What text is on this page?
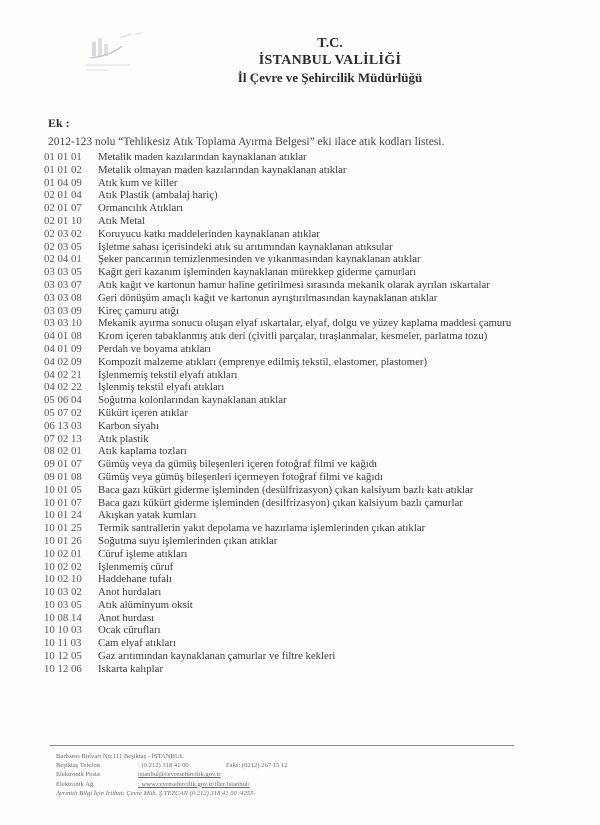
T.C.
İSTANBUL VALİLİĞİ
İl Çevre ve Şehircilik Müdürlüğü
Ek :
2012-123 nolu “Tehlikesiz Atık Toplama Ayırma Belgesi” eki ilace atık kodları listesi.
01 01 01 Metalik maden kazılarından kaynaklanan atıklar
01 01 02 Metalik olmayan maden kazılarından kaynaklanan atıklar
01 04 09 Atık kum ve killer
02 01 04 Atık Plastik (ambalaj hariç)
02 01 07 Ormancılık Atıkları
02 01 10 Atık Metal
02 03 02 Koruyucu katkı maddelerinden kaynaklanan atıklar
02 03 05 İşletme sahası içerisindeki atık su arıtımından kaynaklanan atıksular
02 04 01 Şeker pancarının temizlenmesinden ve yıkanmasından kaynaklanan atıklar
03 03 05 Kağıt geri kazanım işleminden kaynaklanan mürekkep giderme çamurları
03 03 07 Atık kağıt ve kartonun hamur haline getirilmesi sırasında mekanik olarak ayrılan ıskartalar
03 03 08 Geri dönüşüm amaçlı kağıt ve kartonun ayrıştırılmasından kaynaklanan atıklar
03 03 09 Kireç çamuru atığı
03 03 10 Mekanik ayırma sonucu oluşan elyaf ıskartalar, elyaf, dolgu ve yüzey kaplama maddesi çamuru
04 01 08 Krom içeren tabaklanmış atık deri (çivitli parçalar, tıraşlanmalar, kesmeler, parlatma tozu)
04 01 09 Perdah ve boyama atıkları
04 02 09 Kompozit malzeme atıkları (emprenye edilmiş tekstil, elastomer, plastomer)
04 02 21 İşlenmemiş tekstil elyafı atıkları
04 02 22 İşlenmiş tekstil elyafı atıkları
05 06 04 Soğutma kolonlarından kaynaklanan atıklar
05 07 02 Kükürt içeren atıklar
06 13 03 Karbon siyahı
07 02 13 Atık plastik
08 02 01 Atık kaplama tozları
09 01 07 Gümüş veya da gümüş bileşenleri içeren fotoğraf filmi ve kağıdı
09 01 08 Gümüş veya gümüş bileşenleri içermeyen fotoğraf filmi ve kağıdı
10 01 05 Baca gazı kükürt giderme işleminden (desülfrizasyon) çıkan kalsiyum bazlı katı atıklar
10 01 07 Baca gazı kükürt giderme işleminden (desilfrizasyon) çıkan kalsiyum bazlı çamurlar
10 01 24 Akışkan yatak kumları
10 01 25 Termik santrallerin yakıt depolama ve hazırlama işlemlerinden çıkan atıklar
10 01 26 Soğutma suyu işlemlerinden çıkan atıklar
10 02 01 Cüruf işleme atıkları
10 02 02 İşlenmemiş cüruf
10 02 10 Haddehane tufalı
10 03 02 Anot hurdaları
10 03 05 Atık alüminyum oksit
10 08 14 Anot hurdası
10 10 03 Ocak cürufları
10 11 03 Cam elyaf atıkları
10 12 05 Gaz arıtımından kaynaklanan çamurlar ve filtre kekleri
10 12 06 Iskarta kalıplar
Barbaros Bulvarı No:111 Beşiktaş - İSTANBUL
Beşiktaş Telefon	: (0 212) 318 41 00	Faks: (0212) 267 15 12
Elektronik Posta	istanbul@cevresehircilik.gov.tr
Elektronik Ağ	: www.cevresehircilik.gov.tr/iller/istanbul/
Ayrıntılı Bilgi İçin İrtibat: Çevre Müh. Ş.TEZCAN (0 212) 318 41 00 /4255
